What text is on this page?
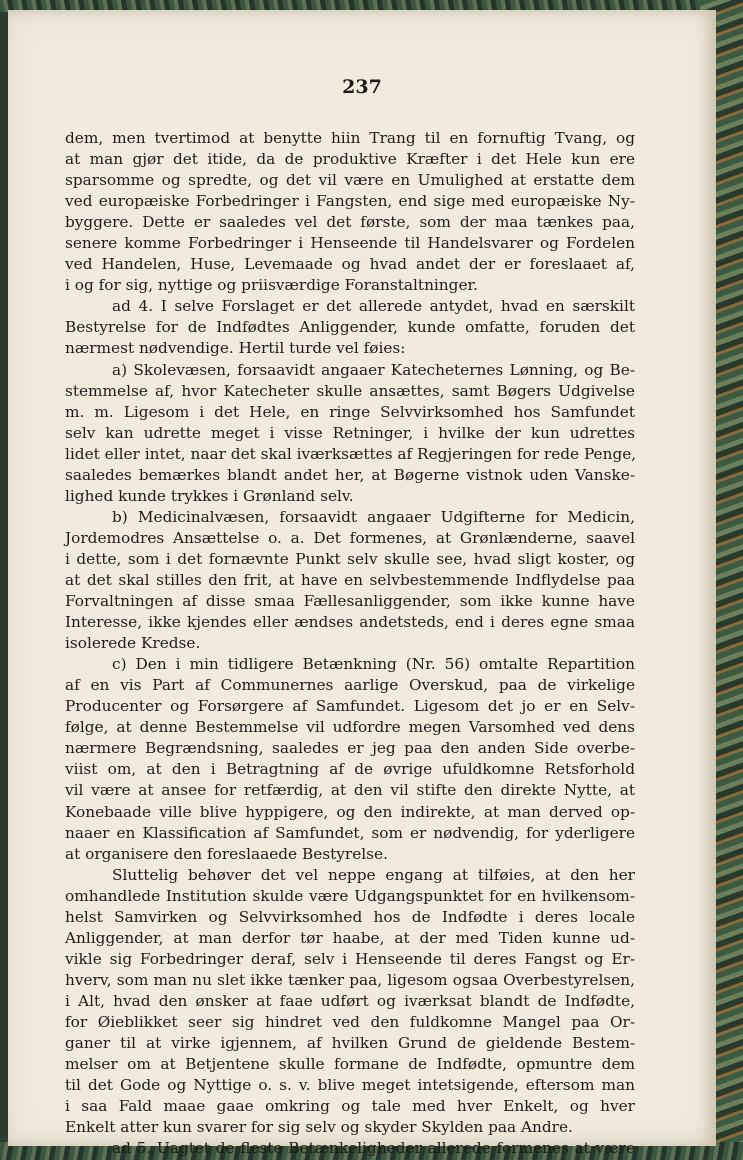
237
dem, men tvertimod at benytte hiin Trang til en fornuftig Tvang, og
at man gjør det itide, da de produktive Kræfter i det Hele kun ere
sparsomme og spredte, og det vil være en Umulighed at erstatte dem
ved europæiske Forbedringer i Fangsten, end sige med europæiske Ny-
byggere. Dette er saaledes vel det første, som der maa tænkes paa,
senere komme Forbedringer i Henseende til Handelsvarer og Fordelen
ved Handelen, Huse, Levemaade og hvad andet der er foreslaaet af,
i og for sig, nyttige og priisværdige Foranstaltninger.
ad 4. I selve Forslaget er det allerede antydet, hvad en særskilt
Bestyrelse for de Indfødtes Anliggender, kunde omfatte, foruden det
nærmest nødvendige. Hertil turde vel føies:
a) Skolevæsen, forsaavidt angaaer Katecheternes Lønning, og Be-
stemmelse af, hvor Katecheter skulle ansættes, samt Bøgers Udgivelse
m. m. Ligesom i det Hele, en ringe Selvvirksomhed hos Samfundet
selv kan udrette meget i visse Retninger, i hvilke der kun udrettes
lidet eller intet, naar det skal iværksættes af Regjeringen for rede Penge,
saaledes bemærkes blandt andet her, at Bøgerne vistnok uden Vanske-
lighed kunde trykkes i Grønland selv.
b) Medicinalvæsen, forsaavidt angaaer Udgifterne for Medicin,
Jordemodres Ansættelse o. a. Det formenes, at Grønlænderne, saavel
i dette, som i det fornævnte Punkt selv skulle see, hvad sligt koster, og
at det skal stilles den frit, at have en selvbestemmende Indflydelse paa
Forvaltningen af disse smaa Fællesanliggender, som ikke kunne have
Interesse, ikke kjendes eller ændses andetsteds, end i deres egne smaa
isolerede Kredse.
c) Den i min tidligere Betænkning (Nr. 56) omtalte Repartition
af en vis Part af Communernes aarlige Overskud, paa de virkelige
Producenter og Forsørgere af Samfundet. Ligesom det jo er en Selv-
følge, at denne Bestemmelse vil udfordre megen Varsomhed ved dens
nærmere Begrændsning, saaledes er jeg paa den anden Side overbe-
viist om, at den i Betragtning af de øvrige ufuldkomne Retsforhold
vil være at ansee for retfærdig, at den vil stifte den direkte Nytte, at
Konebaade ville blive hyppigere, og den indirekte, at man derved op-
naaer en Klassification af Samfundet, som er nødvendig, for yderligere
at organisere den foreslaaede Bestyrelse.
Sluttelig behøver det vel neppe engang at tilføies, at den her
omhandlede Institution skulde være Udgangspunktet for en hvilkensom-
helst Samvirken og Selvvirksomhed hos de Indfødte i deres locale
Anliggender, at man derfor tør haabe, at der med Tiden kunne ud-
vikle sig Forbedringer deraf, selv i Henseende til deres Fangst og Er-
hverv, som man nu slet ikke tænker paa, ligesom ogsaa Overbestyrelsen,
i Alt, hvad den ønsker at faae udført og iværksat blandt de Indfødte,
for Øieblikket seer sig hindret ved den fuldkomne Mangel paa Or-
ganer til at virke igjennem, af hvilken Grund de gieldende Bestem-
melser om at Betjentene skulle formane de Indfødte, opmuntre dem
til det Gode og Nyttige o. s. v. blive meget intetsigende, eftersom man
i saa Fald maae gaae omkring og tale med hver Enkelt, og hver
Enkelt atter kun svarer for sig selv og skyder Skylden paa Andre.
ad 5. Uagtet de fleste Betænkeligheder allerede formenes at være
